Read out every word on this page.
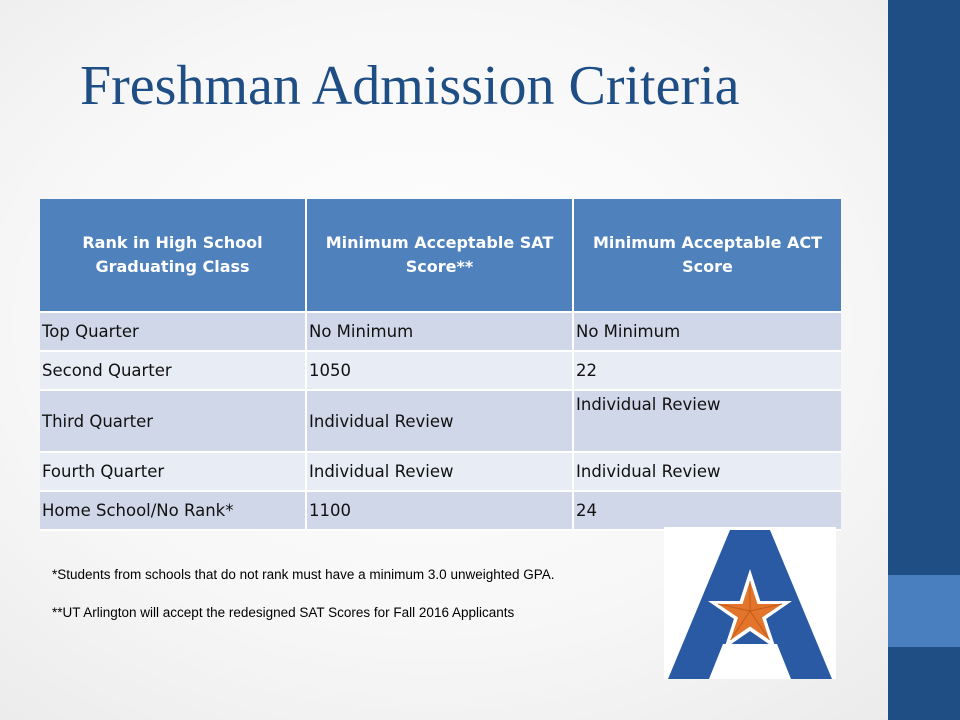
Freshman Admission Criteria
Rank in High School Graduating Class	Minimum Acceptable SAT Score**	Minimum Acceptable ACT Score
Top Quarter	No Minimum	No Minimum
Second Quarter	1050	22
Third Quarter	Individual Review	Individual Review
Fourth Quarter	Individual Review	Individual Review
Home School/No Rank*	1100	24

*Students from schools that do not rank must have a minimum 3.0 unweighted GPA.

**UT Arlington will accept the redesigned SAT Scores for Fall 2016 Applicants
